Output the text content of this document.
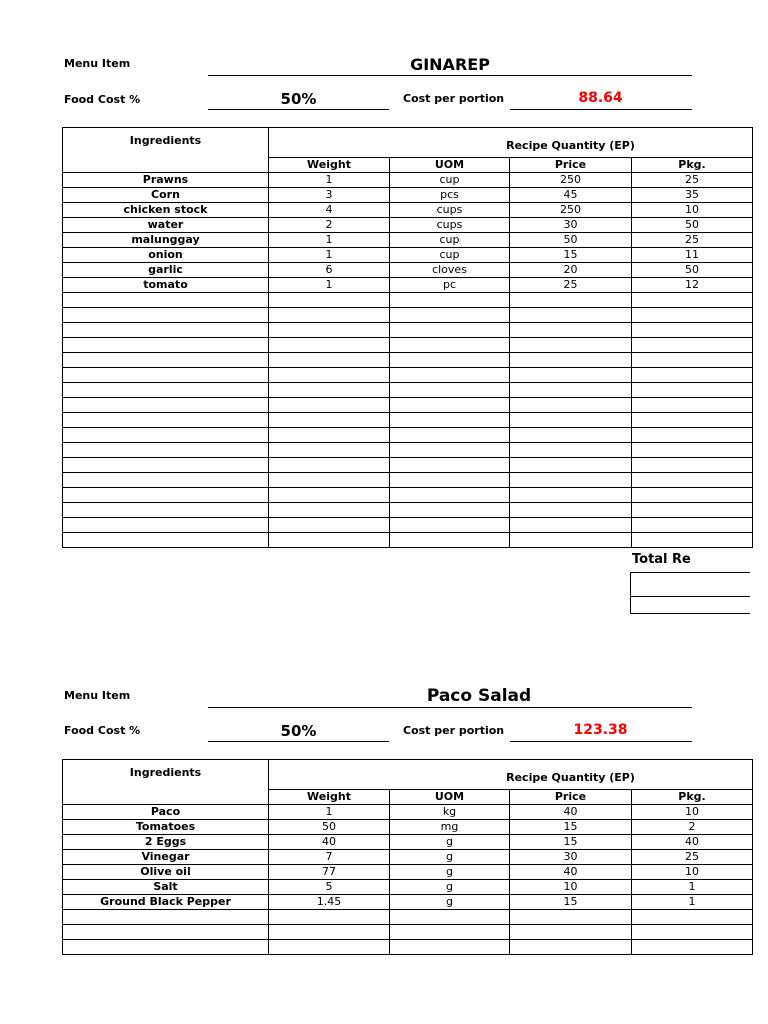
Menu Item	GINAREP
Food Cost %	50%	Cost per portion	88.64
Ingredients	Recipe Quantity (EP)			
	Weight	UOM	Price	Pkg.
Prawns	1	cup	250	25
Corn	3	pcs	45	35
chicken stock	4	cups	250	10
water	2	cups	30	50
malunggay	1	cup	50	25
onion	1	cup	15	11
garlic	6	cloves	20	50
tomato	1	pc	25	12

Total Re
Menu Item	Paco Salad
Food Cost %	50%	Cost per portion	123.38
Ingredients	Recipe Quantity (EP)			
	Weight	UOM	Price	Pkg.
Paco	1	kg	40	10
Tomatoes	50	mg	15	2
2 Eggs	40	g	15	40
Vinegar	7	g	30	25
Olive oil	77	g	40	10
Salt	5	g	10	1
Ground Black Pepper	1.45	g	15	1
